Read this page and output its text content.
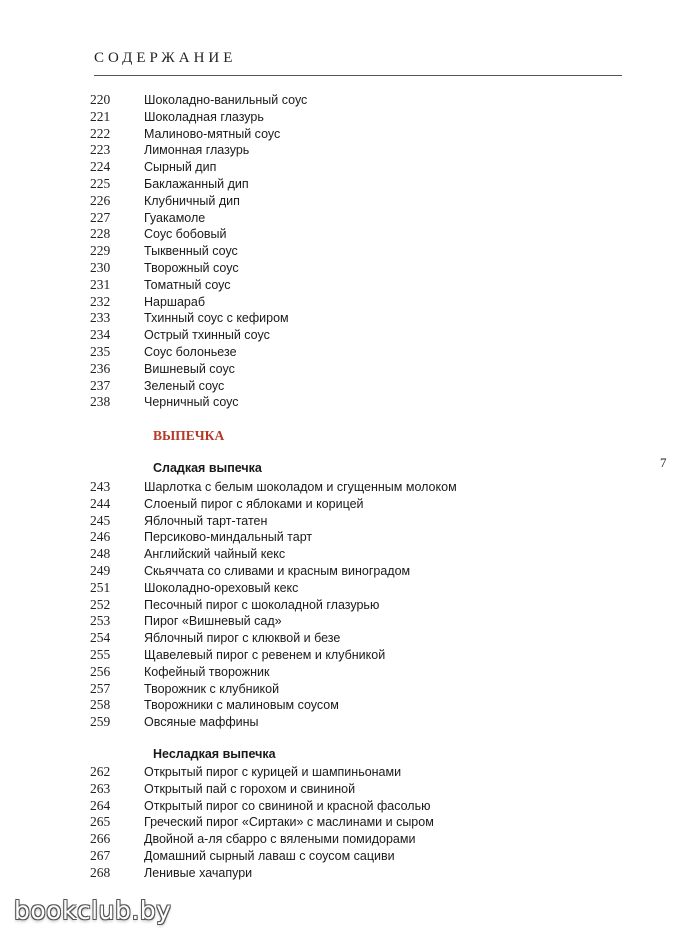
СОДЕРЖАНИЕ
220	Шоколадно-ванильный соус
221	Шоколадная глазурь
222	Малиново-мятный соус
223	Лимонная глазурь
224	Сырный дип
225	Баклажанный дип
226	Клубничный дип
227	Гуакамоле
228	Соус бобовый
229	Тыквенный соус
230	Творожный соус
231	Томатный соус
232	Наршараб
233	Тхинный соус с кефиром
234	Острый тхинный соус
235	Соус болоньезе
236	Вишневый соус
237	Зеленый соус
238	Черничный соус
ВЫПЕЧКА
Сладкая выпечка
243	Шарлотка с белым шоколадом и сгущенным молоком
244	Слоеный пирог с яблоками и корицей
245	Яблочный тарт-татен
246	Персиково-миндальный тарт
248	Английский чайный кекс
249	Скьяччата со сливами и красным виноградом
251	Шоколадно-ореховый кекс
252	Песочный пирог с шоколадной глазурью
253	Пирог «Вишневый сад»
254	Яблочный пирог с клюквой и безе
255	Щавелевый пирог с ревенем и клубникой
256	Кофейный творожник
257	Творожник с клубникой
258	Творожники с малиновым соусом
259	Овсяные маффины
Несладкая выпечка
262	Открытый пирог с курицей и шампиньонами
263	Открытый пай с горохом и свининой
264	Открытый пирог со свининой и красной фасолью
265	Греческий пирог «Сиртаки» с маслинами и сыром
266	Двойной а-ля сбарро с вялеными помидорами
267	Домашний сырный лаваш с соусом сациви
268	Ленивые хачапури
7
bookclub.by
